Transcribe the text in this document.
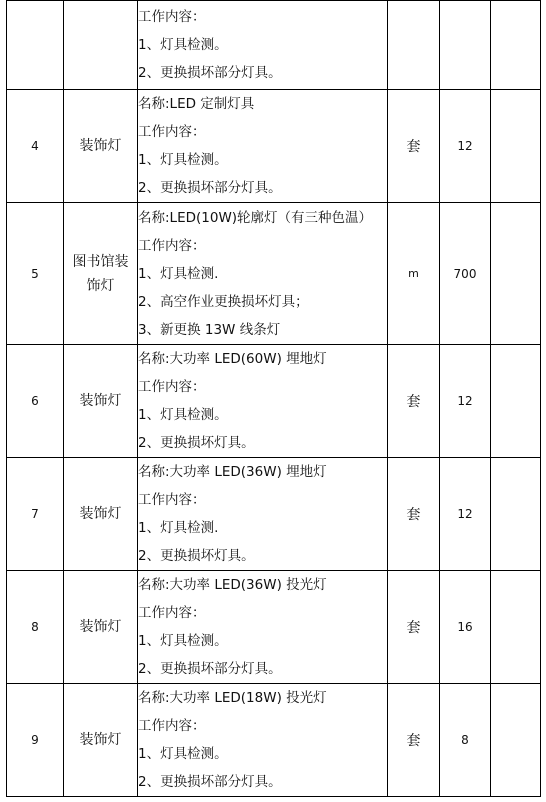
		工作内容：
1、灯具检测。
2、更换损坏部分灯具。			

4	装饰灯	名称:LED 定制灯具
工作内容：
1、灯具检测。
2、更换损坏部分灯具。	套	12	
5	图书馆装饰灯	名称:LED(10W)轮廓灯（有三种色温）
工作内容：
1、灯具检测.
2、高空作业更换损坏灯具；
3、新更换 13W 线条灯	m	700	
6	装饰灯	名称:大功率 LED(60W) 埋地灯
工作内容：
1、灯具检测。
2、更换损坏灯具。	套	12	
7	装饰灯	名称:大功率 LED(36W) 埋地灯
工作内容：
1、灯具检测.
2、更换损坏灯具。	套	12	
8	装饰灯	名称:大功率 LED(36W) 投光灯
工作内容：
1、灯具检测。
2、更换损坏部分灯具。	套	16	
9	装饰灯	名称:大功率 LED(18W) 投光灯
工作内容：
1、灯具检测。
2、更换损坏部分灯具。	套	8	
